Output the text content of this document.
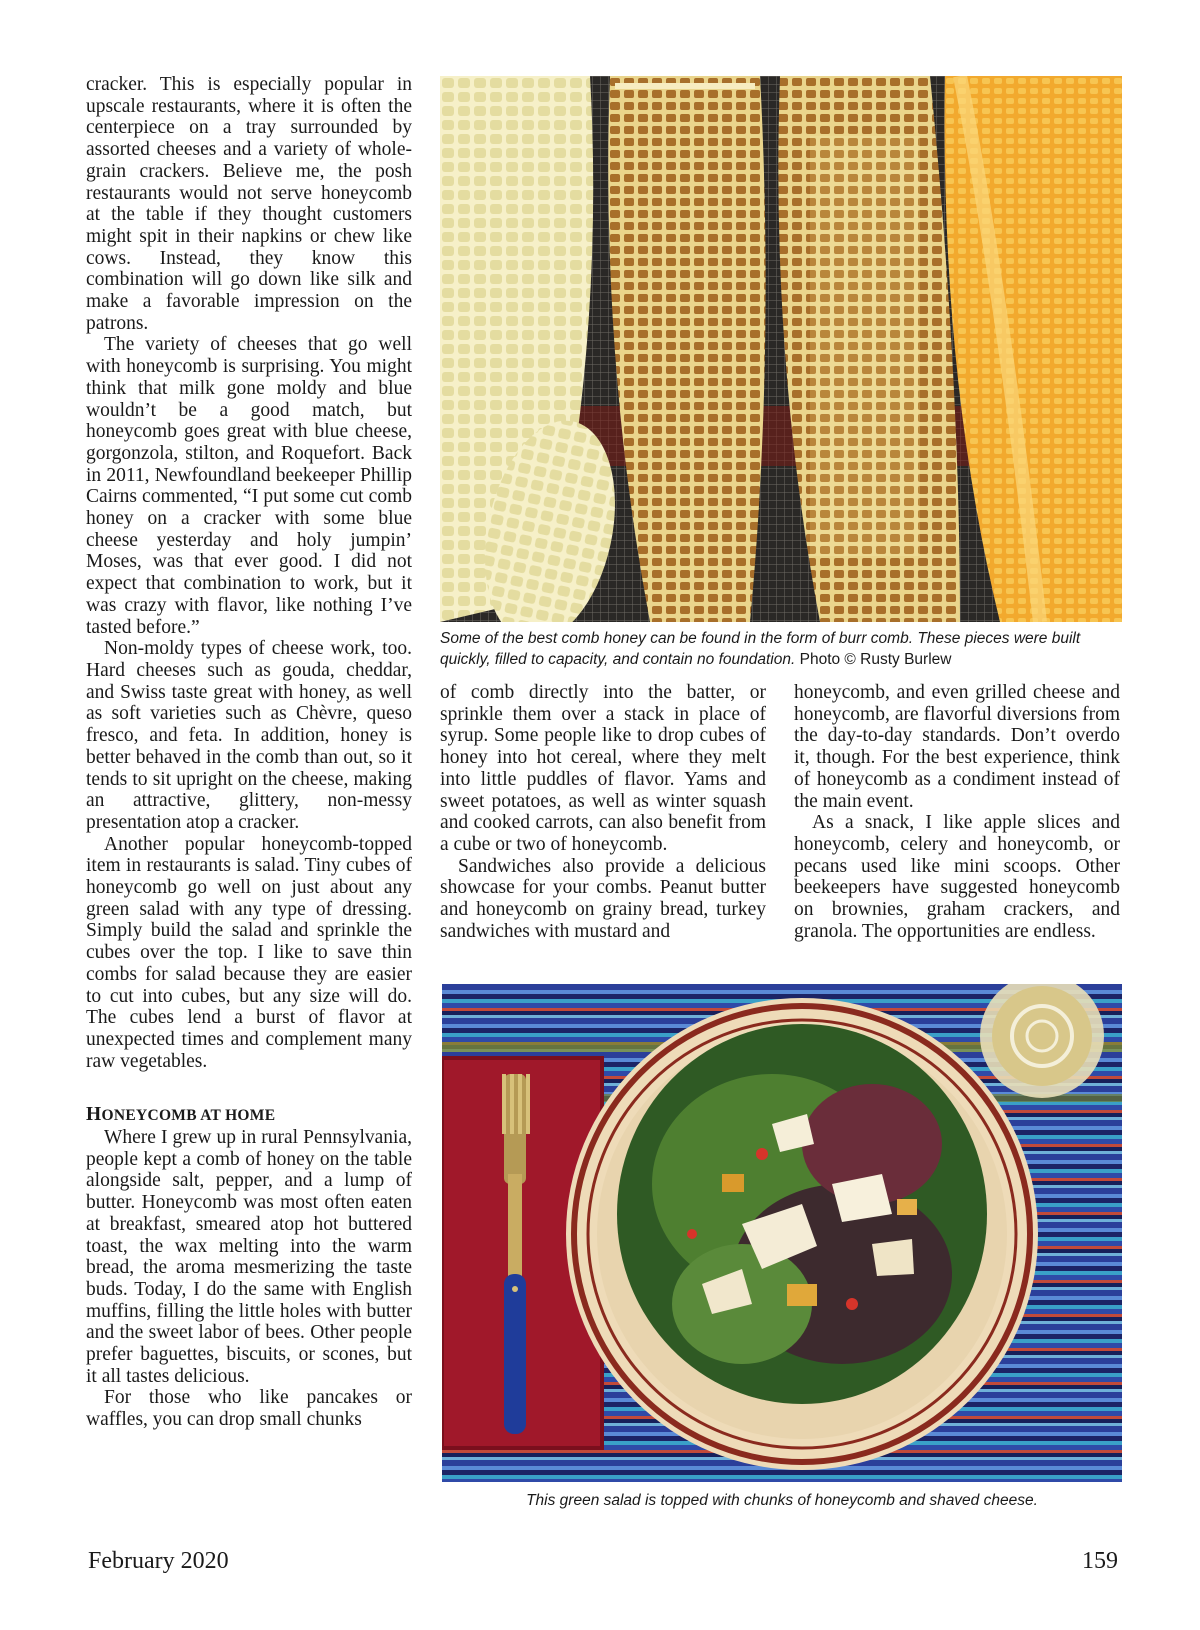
cracker. This is especially popular in upscale restaurants, where it is often the centerpiece on a tray surrounded by assorted cheeses and a variety of whole-grain crackers. Believe me, the posh restaurants would not serve honeycomb at the table if they thought customers might spit in their napkins or chew like cows. Instead, they know this combination will go down like silk and make a favorable impression on the patrons.

The variety of cheeses that go well with honeycomb is surprising. You might think that milk gone moldy and blue wouldn’t be a good match, but honeycomb goes great with blue cheese, gorgonzola, stilton, and Roquefort. Back in 2011, Newfoundland beekeeper Phillip Cairns commented, “I put some cut comb honey on a cracker with some blue cheese yesterday and holy jumpin’ Moses, was that ever good. I did not expect that combination to work, but it was crazy with flavor, like nothing I’ve tasted before.”

Non-moldy types of cheese work, too. Hard cheeses such as gouda, cheddar, and Swiss taste great with honey, as well as soft varieties such as Chèvre, queso fresco, and feta. In addition, honey is better behaved in the comb than out, so it tends to sit upright on the cheese, making an attractive, glittery, non-messy presentation atop a cracker.

Another popular honeycomb-topped item in restaurants is salad. Tiny cubes of honeycomb go well on just about any green salad with any type of dressing. Simply build the salad and sprinkle the cubes over the top. I like to save thin combs for salad because they are easier to cut into cubes, but any size will do. The cubes lend a burst of flavor at unexpected times and complement many raw vegetables.

HONEYCOMB AT HOME

Where I grew up in rural Pennsylvania, people kept a comb of honey on the table alongside salt, pepper, and a lump of butter. Honeycomb was most often eaten at breakfast, smeared atop hot buttered toast, the wax melting into the warm bread, the aroma mesmerizing the taste buds. Today, I do the same with English muffins, filling the little holes with butter and the sweet labor of bees. Other people prefer baguettes, biscuits, or scones, but it all tastes delicious.

For those who like pancakes or waffles, you can drop small chunks

Some of the best comb honey can be found in the form of burr comb. These pieces were built quickly, filled to capacity, and contain no foundation. Photo © Rusty Burlew

of comb directly into the batter, or sprinkle them over a stack in place of syrup. Some people like to drop cubes of honey into hot cereal, where they melt into little puddles of flavor. Yams and sweet potatoes, as well as winter squash and cooked carrots, can also benefit from a cube or two of honeycomb.

Sandwiches also provide a delicious showcase for your combs. Peanut butter and honeycomb on grainy bread, turkey sandwiches with mustard and

honeycomb, and even grilled cheese and honeycomb, are flavorful diversions from the day-to-day standards. Don’t overdo it, though. For the best experience, think of honeycomb as a condiment instead of the main event.

As a snack, I like apple slices and honeycomb, celery and honeycomb, or pecans used like mini scoops. Other beekeepers have suggested honeycomb on brownies, graham crackers, and granola. The opportunities are endless.

This green salad is topped with chunks of honeycomb and shaved cheese.
February 2020	159
